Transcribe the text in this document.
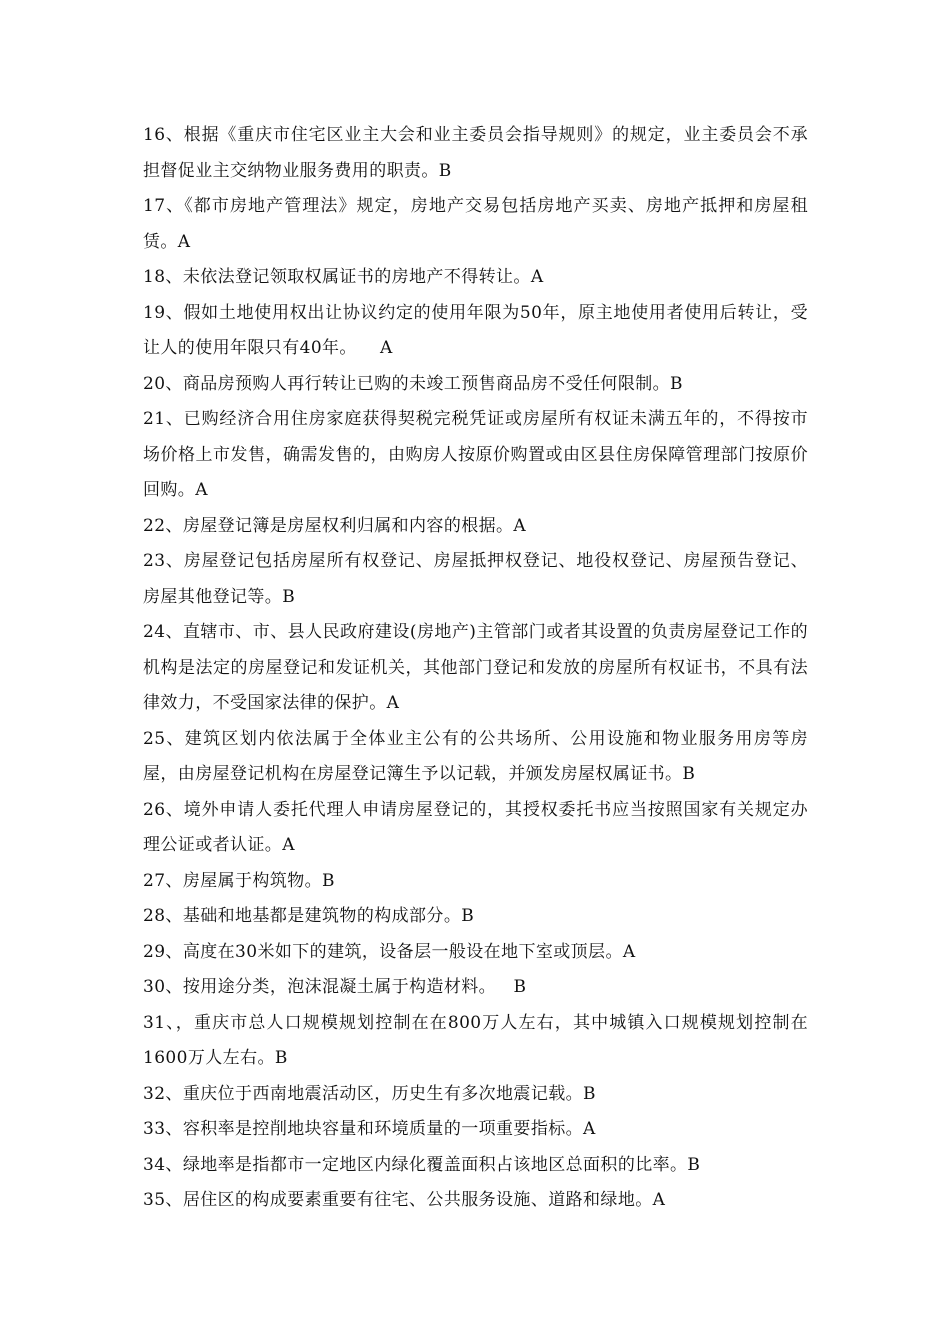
16、根据《重庆市住宅区业主大会和业主委员会指导规则》的规定，业主委员会不承担督促业主交纳物业服务费用的职责。B

17、《都市房地产管理法》规定，房地产交易包括房地产买卖、房地产抵押和房屋租赁。A

18、未依法登记领取权属证书的房地产不得转让。A

19、假如土地使用权出让协议约定的使用年限为50年，原主地使用者使用后转让，受让人的使用年限只有40年。    A

20、商品房预购人再行转让已购的未竣工预售商品房不受任何限制。B

21、已购经济合用住房家庭获得契税完税凭证或房屋所有权证未满五年的，不得按市场价格上市发售，确需发售的，由购房人按原价购置或由区县住房保障管理部门按原价回购。A

22、房屋登记簿是房屋权利归属和内容的根据。A

23、房屋登记包括房屋所有权登记、房屋抵押权登记、地役权登记、房屋预告登记、房屋其他登记等。B

24、直辖市、市、县人民政府建设(房地产)主管部门或者其设置的负责房屋登记工作的机构是法定的房屋登记和发证机关，其他部门登记和发放的房屋所有权证书，不具有法律效力，不受国家法律的保护。A

25、建筑区划内依法属于全体业主公有的公共场所、公用设施和物业服务用房等房屋，由房屋登记机构在房屋登记簿生予以记载，并颁发房屋权属证书。B

26、境外申请人委托代理人申请房屋登记的，其授权委托书应当按照国家有关规定办理公证或者认证。A

27、房屋属于构筑物。B

28、基础和地基都是建筑物的构成部分。B

29、高度在30米如下的建筑，设备层一般设在地下室或顶层。A

30、按用途分类，泡沫混凝土属于构造材料。   B

31、，重庆市总人口规模规划控制在在800万人左右，其中城镇入口规模规划控制在1600万人左右。B

32、重庆位于西南地震活动区，历史生有多次地震记载。B

33、容积率是控削地块容量和环境质量的一项重要指标。A

34、绿地率是指都市一定地区内绿化覆盖面积占该地区总面积的比率。B

35、居住区的构成要素重要有往宅、公共服务设施、道路和绿地。A
